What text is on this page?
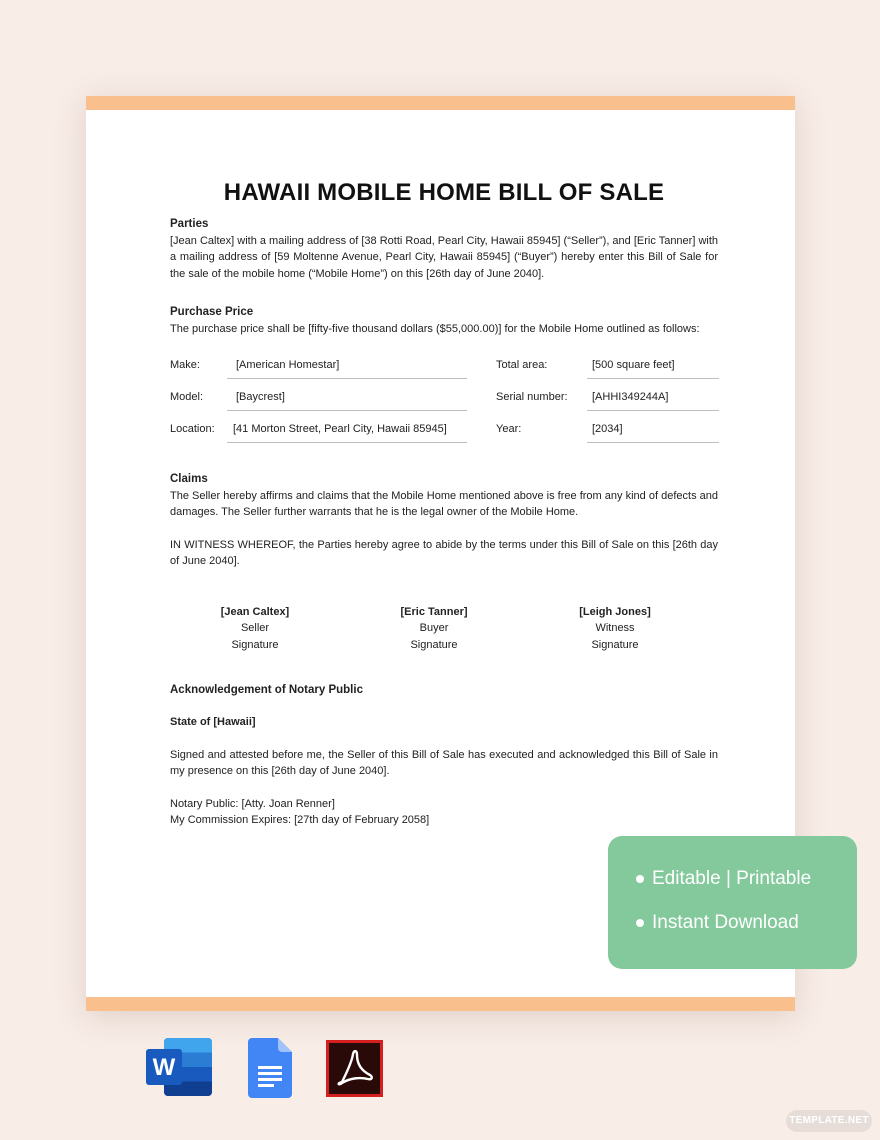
HAWAII MOBILE HOME BILL OF SALE

Parties

[Jean Caltex] with a mailing address of [38 Rotti Road, Pearl City, Hawaii 85945] (“Seller”), and [Eric Tanner] with a mailing address of [59 Moltenne Avenue, Pearl City, Hawaii 85945] (“Buyer”) hereby enter this Bill of Sale for the sale of the mobile home (“Mobile Home”) on this [26th day of June 2040].

Purchase Price

The purchase price shall be [fifty-five thousand dollars ($55,000.00)] for the Mobile Home outlined as follows:

Make:	[American Homestar]	Total area:	[500 square feet]
Model:	[Baycrest]	Serial number: [AHHI349244A]
Location: [41 Morton Street, Pearl City, Hawaii 85945]	Year:	[2034]

Claims

The Seller hereby affirms and claims that the Mobile Home mentioned above is free from any kind of defects and damages. The Seller further warrants that he is the legal owner of the Mobile Home.

IN WITNESS WHEREOF, the Parties hereby agree to abide by the terms under this Bill of Sale on this [26th day of June 2040].

[Jean Caltex]
Seller
Signature
[Eric Tanner]
Buyer
Signature
[Leigh Jones]
Witness
Signature

Acknowledgement of Notary Public

State of [Hawaii]

Signed and attested before me, the Seller of this Bill of Sale has executed and acknowledged this Bill of Sale in my presence on this [26th day of June 2040].

Notary Public: [Atty. Joan Renner]

My Commission Expires: [27th day of February 2058]

Editable | Printable
Instant Download
W
TEMPLATE.NET
